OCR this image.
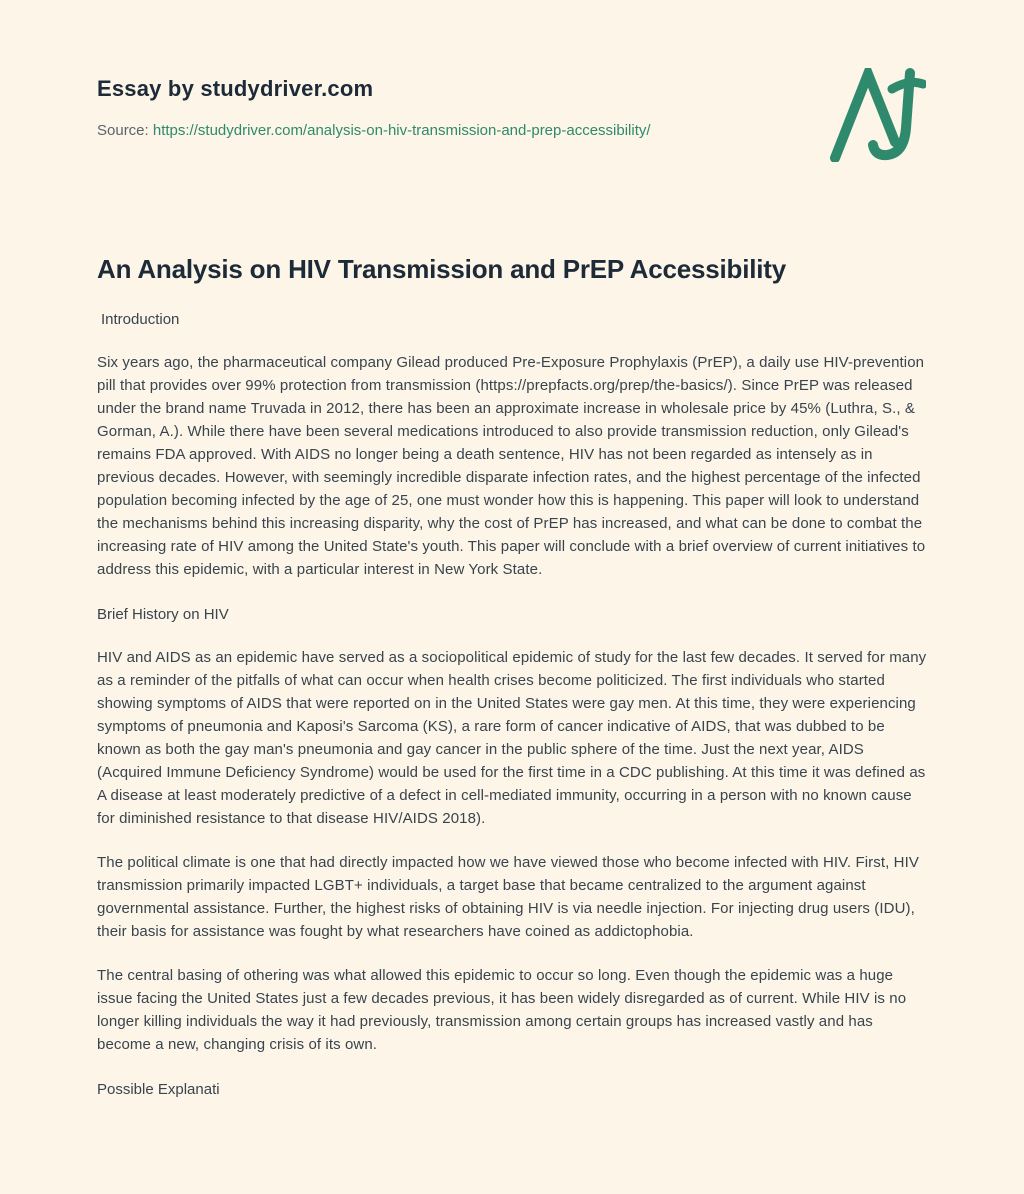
Essay by studydriver.com
Source: https://studydriver.com/analysis-on-hiv-transmission-and-prep-accessibility/
An Analysis on HIV Transmission and PrEP Accessibility
Introduction

Six years ago, the pharmaceutical company Gilead produced Pre-Exposure Prophylaxis (PrEP), a daily use HIV-prevention pill that provides over 99% protection from transmission (https://prepfacts.org/prep/the-basics/). Since PrEP was released under the brand name Truvada in 2012, there has been an approximate increase in wholesale price by 45% (Luthra, S., & Gorman, A.). While there have been several medications introduced to also provide transmission reduction, only Gilead's remains FDA approved. With AIDS no longer being a death sentence, HIV has not been regarded as intensely as in previous decades. However, with seemingly incredible disparate infection rates, and the highest percentage of the infected population becoming infected by the age of 25, one must wonder how this is happening. This paper will look to understand the mechanisms behind this increasing disparity, why the cost of PrEP has increased, and what can be done to combat the increasing rate of HIV among the United State's youth. This paper will conclude with a brief overview of current initiatives to address this epidemic, with a particular interest in New York State.

Brief History on HIV

HIV and AIDS as an epidemic have served as a sociopolitical epidemic of study for the last few decades. It served for many as a reminder of the pitfalls of what can occur when health crises become politicized. The first individuals who started showing symptoms of AIDS that were reported on in the United States were gay men. At this time, they were experiencing symptoms of pneumonia and Kaposi's Sarcoma (KS), a rare form of cancer indicative of AIDS, that was dubbed to be known as both the gay man's pneumonia and gay cancer in the public sphere of the time. Just the next year, AIDS (Acquired Immune Deficiency Syndrome) would be used for the first time in a CDC publishing. At this time it was defined as A disease at least moderately predictive of a defect in cell-mediated immunity, occurring in a person with no known cause for diminished resistance to that disease HIV/AIDS 2018).

The political climate is one that had directly impacted how we have viewed those who become infected with HIV. First, HIV transmission primarily impacted LGBT+ individuals, a target base that became centralized to the argument against governmental assistance. Further, the highest risks of obtaining HIV is via needle injection. For injecting drug users (IDU), their basis for assistance was fought by what researchers have coined as addictophobia.

The central basing of othering was what allowed this epidemic to occur so long. Even though the epidemic was a huge issue facing the United States just a few decades previous, it has been widely disregarded as of current. While HIV is no longer killing individuals the way it had previously, transmission among certain groups has increased vastly and has become a new, changing crisis of its own.

Possible Explanati
